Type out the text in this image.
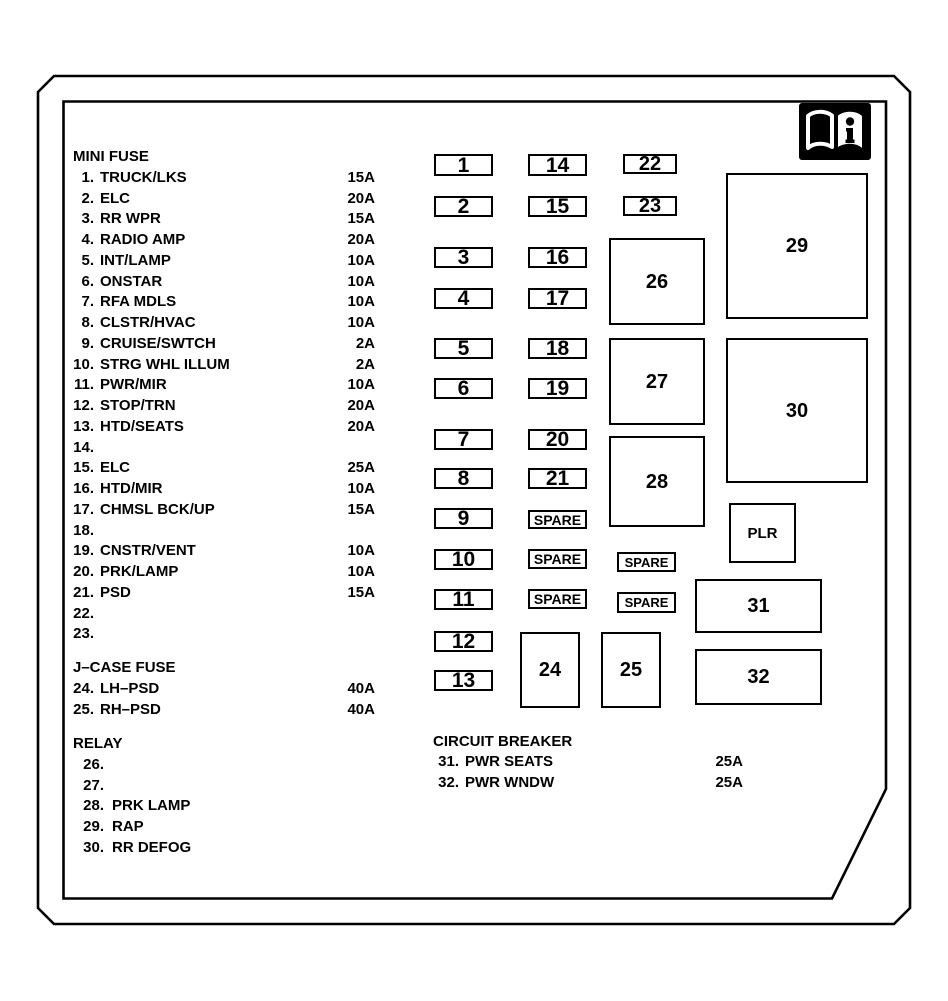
MINI FUSE
1. TRUCK/LKS	15A
2. ELC	20A
3. RR WPR	15A
4. RADIO AMP	20A
5. INT/LAMP	10A
6. ONSTAR	10A
7. RFA MDLS	10A
8. CLSTR/HVAC	10A
9. CRUISE/SWTCH	2A
10. STRG WHL ILLUM	2A
11. PWR/MIR	10A
12. STOP/TRN	20A
13. HTD/SEATS	20A
14.
15. ELC	25A
16. HTD/MIR	10A
17. CHMSL BCK/UP	15A
18.
19. CNSTR/VENT	10A
20. PRK/LAMP	10A
21. PSD	15A
22.
23.
J–CASE FUSE
24. LH–PSD	40A
25. RH–PSD	40A
RELAY
26.
27.
28. PRK LAMP
29. RAP
30. RR DEFOG
CIRCUIT BREAKER
31. PWR SEATS	25A
32. PWR WNDW	25A
1
2
3
4
5
6
7
8
9
10
11
12
13
14
15
16
17
18
19
20
21
SPARE
SPARE
SPARE
22
23
SPARE
SPARE
26
27
28
24	25
29
30
PLR
31
32
